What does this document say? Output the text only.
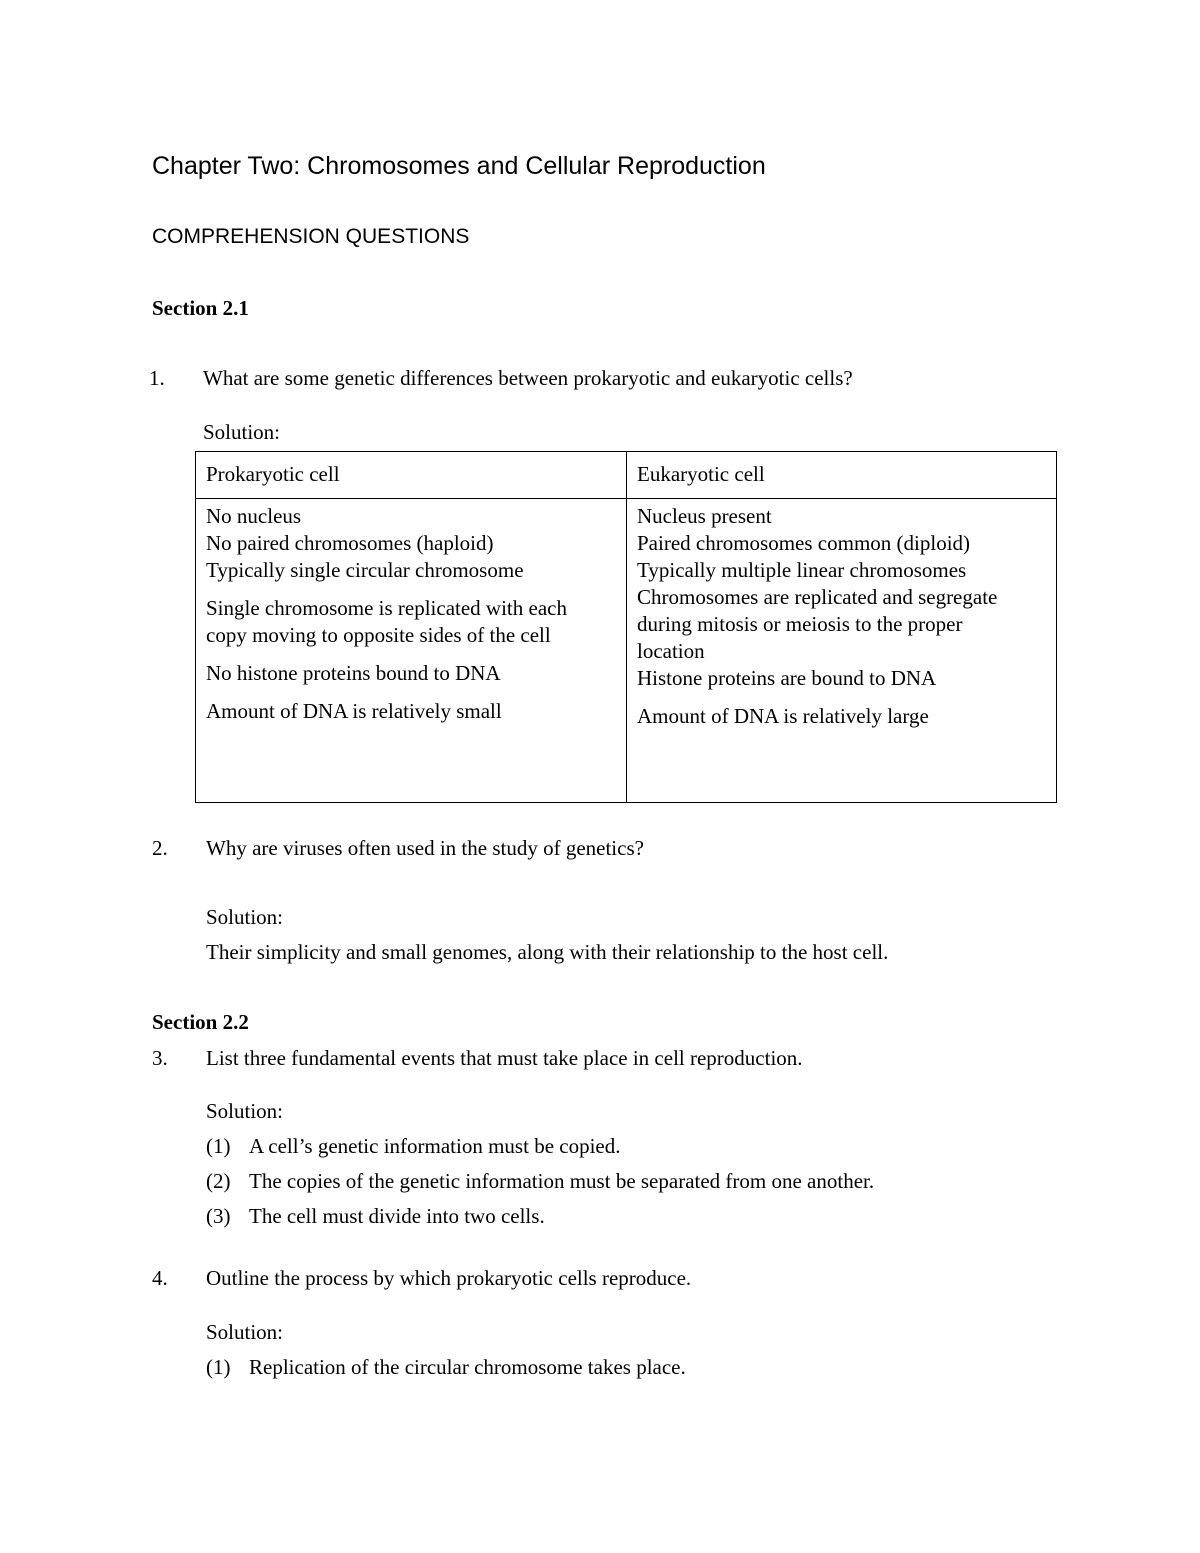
Chapter Two: Chromosomes and Cellular Reproduction
COMPREHENSION QUESTIONS
Section 2.1
1. What are some genetic differences between prokaryotic and eukaryotic cells?
Solution:
Prokaryotic cell	Eukaryotic cell
No nucleus
No paired chromosomes (haploid)
Typically single circular chromosome
Single chromosome is replicated with each
copy moving to opposite sides of the cell
No histone proteins bound to DNA
Amount of DNA is relatively small
Nucleus present
Paired chromosomes common (diploid)
Typically multiple linear chromosomes
Chromosomes are replicated and segregate
during mitosis or meiosis to the proper
location
Histone proteins are bound to DNA
Amount of DNA is relatively large
2. Why are viruses often used in the study of genetics?
Solution:
Their simplicity and small genomes, along with their relationship to the host cell.
Section 2.2
3. List three fundamental events that must take place in cell reproduction.
Solution:
(1) A cell’s genetic information must be copied.
(2) The copies of the genetic information must be separated from one another.
(3) The cell must divide into two cells.
4. Outline the process by which prokaryotic cells reproduce.
Solution:
(1) Replication of the circular chromosome takes place.
